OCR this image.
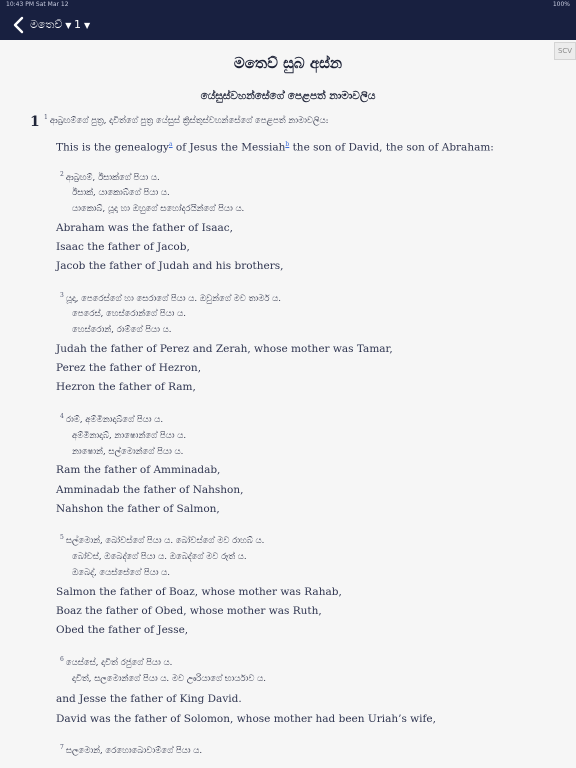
10:43 PM Sat Mar 12	100%
මතෙව් ▼ 1 ▼
SCV
මතෙව් සුබ අස්න
යේසුස්වහන්සේගේ පෙළපත් නාමාවලිය
1 $^1$ ආබ්‍රහම්ගේ පුත්‍ර, දාවිත්ගේ පුත්‍ර යේසුස් ක්‍රිස්තුස්වහන්සේගේ පෙළපත් නාමාවලිය:
This is the genealogy$^a$ of Jesus the Messiah$^b$ the son of David, the son of Abraham:
$^2$ ආබ්‍රහම්, ඊසාක්ගේ පියා ය.
ඊසාක්, යාකොබ්ගේ පියා ය.
යාකොබ්, යූදා හා ඔහුගේ සහෝදරයින්ගේ පියා ය.
Abraham was the father of Isaac,
Isaac the father of Jacob,
Jacob the father of Judah and his brothers,
$^3$ යූදා, පෙරෙස්ගේ හා සෙරාගේ පියා ය. ඔවුන්ගේ මව තාමර් ය.
පෙරෙස්, හෙස්රොන්ගේ පියා ය.
හෙස්රොන්, රාම්ගේ පියා ය.
Judah the father of Perez and Zerah, whose mother was Tamar,
Perez the father of Hezron,
Hezron the father of Ram,
$^4$ රාම්, අම්මිනාදාබ්ගේ පියා ය.
අම්මිනාදාබ්, නාෂොන්ගේ පියා ය.
නාෂොන්, සල්මොන්ගේ පියා ය.
Ram the father of Amminadab,
Amminadab the father of Nahshon,
Nahshon the father of Salmon,
$^5$ සල්මොන්, බෝවස්ගේ පියා ය. බෝවස්ගේ මව රාහබ් ය.
බෝවස්, ඔබෙද්ගේ පියා ය. ඔබෙද්ගේ මව රූත් ය.
ඔබෙද්, යෙස්සේගේ පියා ය.
Salmon the father of Boaz, whose mother was Rahab,
Boaz the father of Obed, whose mother was Ruth,
Obed the father of Jesse,
$^6$ යෙස්සේ, දාවිත් රජුගේ පියා ය.
දාවිත්, සලමොන්ගේ පියා ය. මව ඌරියාගේ භාර්යාව ය.
and Jesse the father of King David.
David was the father of Solomon, whose mother had been Uriah’s wife,
$^7$ සලමොන්, රෙහොබොවාම්ගේ පියා ය.
